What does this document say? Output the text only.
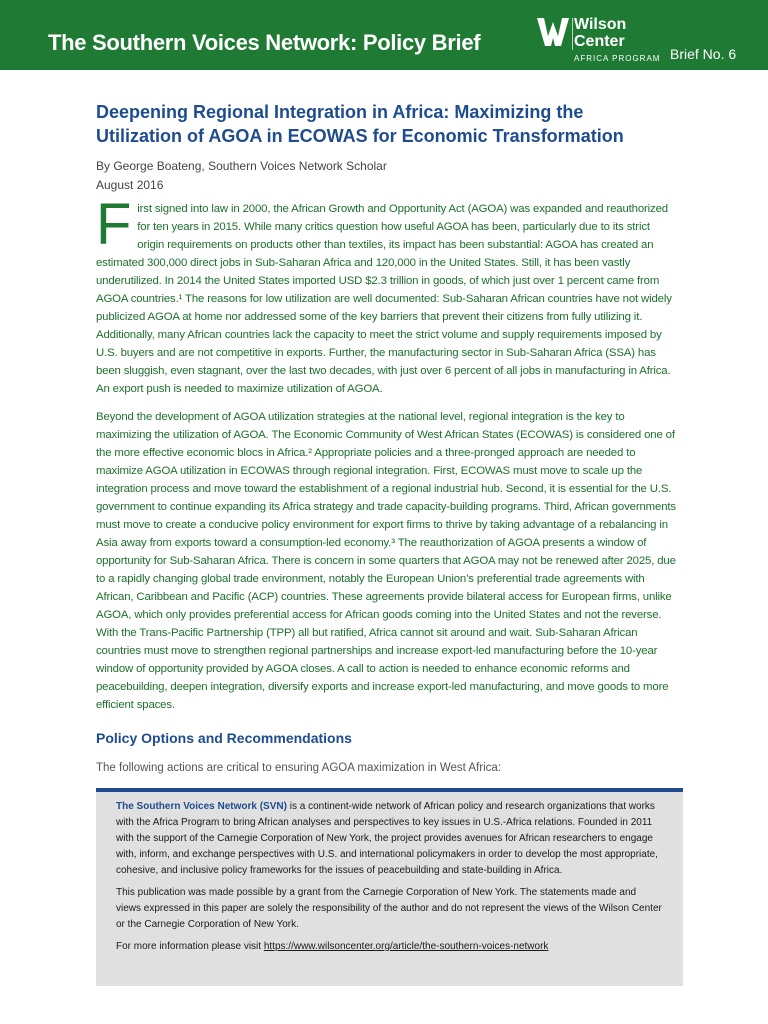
The Southern Voices Network: Policy Brief
Wilson
Center
AFRICA PROGRAM Brief No. 6
Deepening Regional Integration in Africa: Maximizing the Utilization of AGOA in ECOWAS for Economic Transformation
By George Boateng, Southern Voices Network Scholar
August 2016

First signed into law in 2000, the African Growth and Opportunity Act (AGOA) was expanded and reauthorized for ten years in 2015. While many critics question how useful AGOA has been, particularly due to its strict origin requirements on products other than textiles, its impact has been substantial: AGOA has created an estimated 300,000 direct jobs in Sub-Saharan Africa and 120,000 in the United States. Still, it has been vastly underutilized. In 2014 the United States imported USD $2.3 trillion in goods, of which just over 1 percent came from AGOA countries.¹ The reasons for low utilization are well documented: Sub-Saharan African countries have not widely publicized AGOA at home nor addressed some of the key barriers that prevent their citizens from fully utilizing it. Additionally, many African countries lack the capacity to meet the strict volume and supply requirements imposed by U.S. buyers and are not competitive in exports. Further, the manufacturing sector in Sub-Saharan Africa (SSA) has been sluggish, even stagnant, over the last two decades, with just over 6 percent of all jobs in manufacturing in Africa. An export push is needed to maximize utilization of AGOA.

Beyond the development of AGOA utilization strategies at the national level, regional integration is the key to maximizing the utilization of AGOA. The Economic Community of West African States (ECOWAS) is considered one of the more effective economic blocs in Africa.² Appropriate policies and a three-pronged approach are needed to maximize AGOA utilization in ECOWAS through regional integration. First, ECOWAS must move to scale up the integration process and move toward the establishment of a regional industrial hub. Second, it is essential for the U.S. government to continue expanding its Africa strategy and trade capacity-building programs. Third, African governments must move to create a conducive policy environment for export firms to thrive by taking advantage of a rebalancing in Asia away from exports toward a consumption-led economy.³ The reauthorization of AGOA presents a window of opportunity for Sub-Saharan Africa. There is concern in some quarters that AGOA may not be renewed after 2025, due to a rapidly changing global trade environment, notably the European Union’s preferential trade agreements with African, Caribbean and Pacific (ACP) countries. These agreements provide bilateral access for European firms, unlike AGOA, which only provides preferential access for African goods coming into the United States and not the reverse. With the Trans-Pacific Partnership (TPP) all but ratified, Africa cannot sit around and wait. Sub-Saharan African countries must move to strengthen regional partnerships and increase export-led manufacturing before the 10-year window of opportunity provided by AGOA closes. A call to action is needed to enhance economic reforms and peacebuilding, deepen integration, diversify exports and increase export-led manufacturing, and move goods to more efficient spaces.

Policy Options and Recommendations
The following actions are critical to ensuring AGOA maximization in West Africa:

The Southern Voices Network (SVN) is a continent-wide network of African policy and research organizations that works with the Africa Program to bring African analyses and perspectives to key issues in U.S.-Africa relations. Founded in 2011 with the support of the Carnegie Corporation of New York, the project provides avenues for African researchers to engage with, inform, and exchange perspectives with U.S. and international policymakers in order to develop the most appropriate, cohesive, and inclusive policy frameworks for the issues of peacebuilding and state-building in Africa.

This publication was made possible by a grant from the Carnegie Corporation of New York. The statements made and views expressed in this paper are solely the responsibility of the author and do not represent the views of the Wilson Center or the Carnegie Corporation of New York.

For more information please visit https://www.wilsoncenter.org/article/the-southern-voices-network
